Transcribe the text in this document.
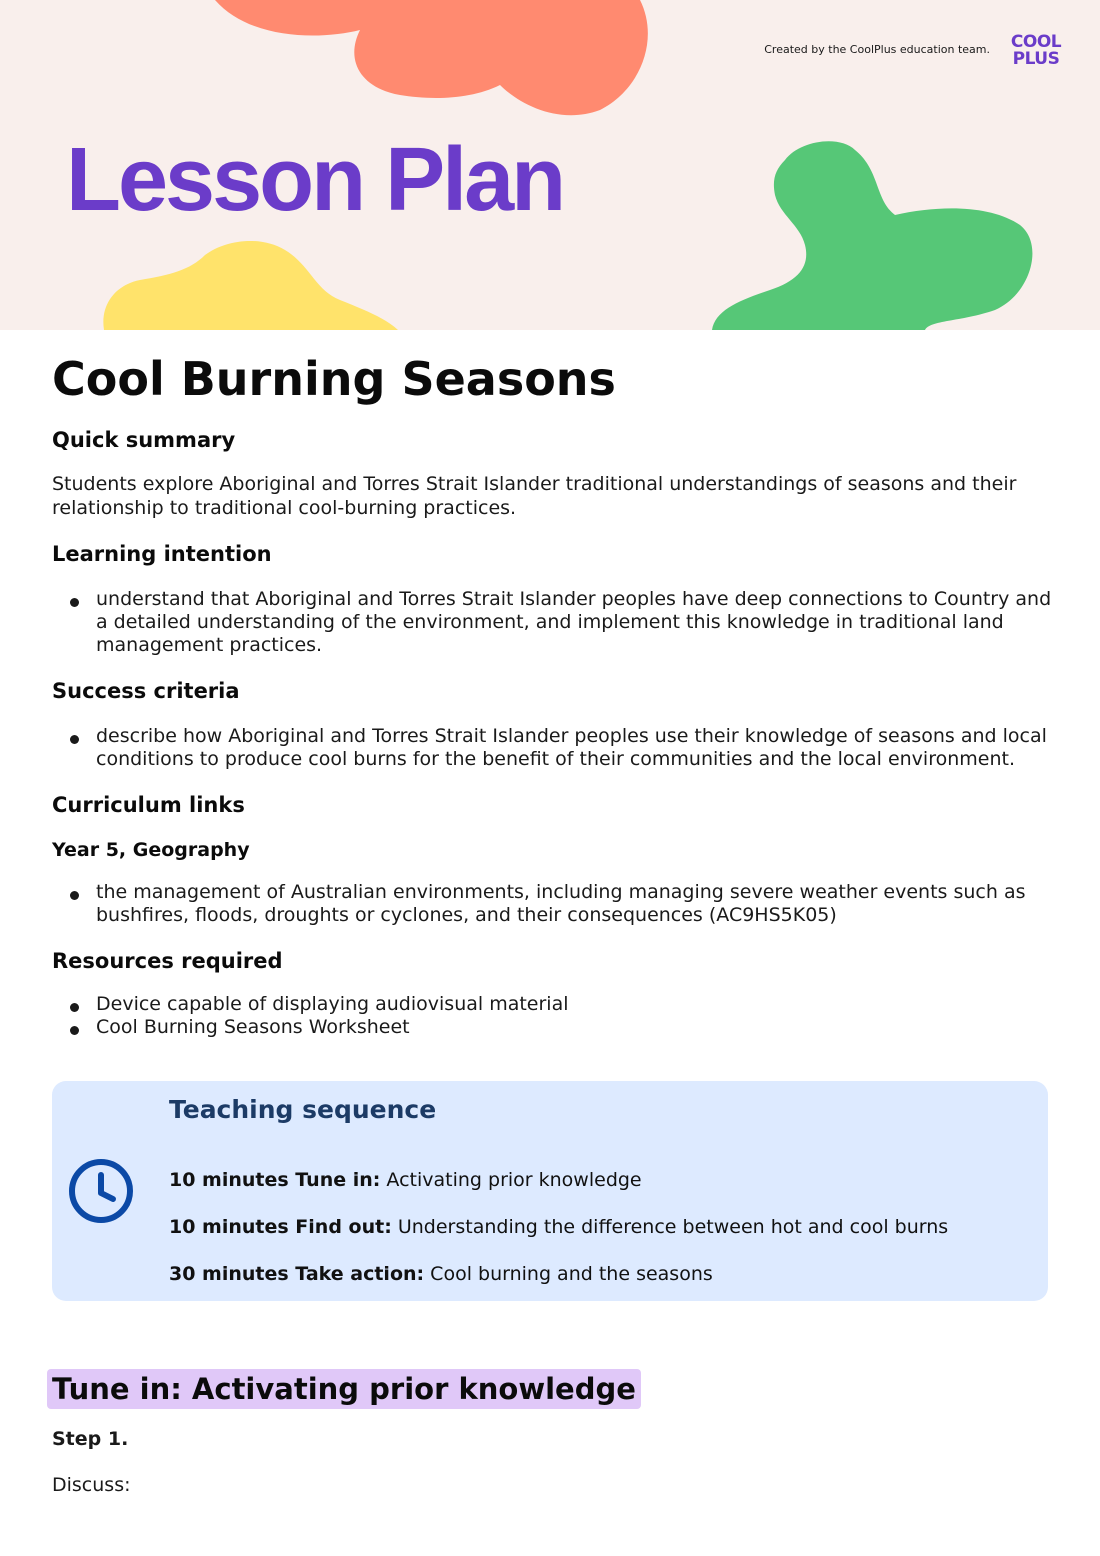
Created by the CoolPlus education team.	COOL
PLUS
Lesson Plan
Cool Burning Seasons
Quick summary

Students explore Aboriginal and Torres Strait Islander traditional understandings of seasons and their relationship to traditional cool-burning practices.

Learning intention
understand that Aboriginal and Torres Strait Islander peoples have deep connections to Country and a detailed understanding of the environment, and implement this knowledge in traditional land management practices.
Success criteria
describe how Aboriginal and Torres Strait Islander peoples use their knowledge of seasons and local conditions to produce cool burns for the benefit of their communities and the local environment.
Curriculum links
Year 5, Geography
the management of Australian environments, including managing severe weather events such as bushfires, floods, droughts or cyclones, and their consequences (AC9HS5K05)
Resources required
Device capable of displaying audiovisual material
Cool Burning Seasons Worksheet
Teaching sequence
10 minutes Tune in: Activating prior knowledge
10 minutes Find out: Understanding the difference between hot and cool burns
30 minutes Take action: Cool burning and the seasons
Tune in: Activating prior knowledge
Step 1.
Discuss:
